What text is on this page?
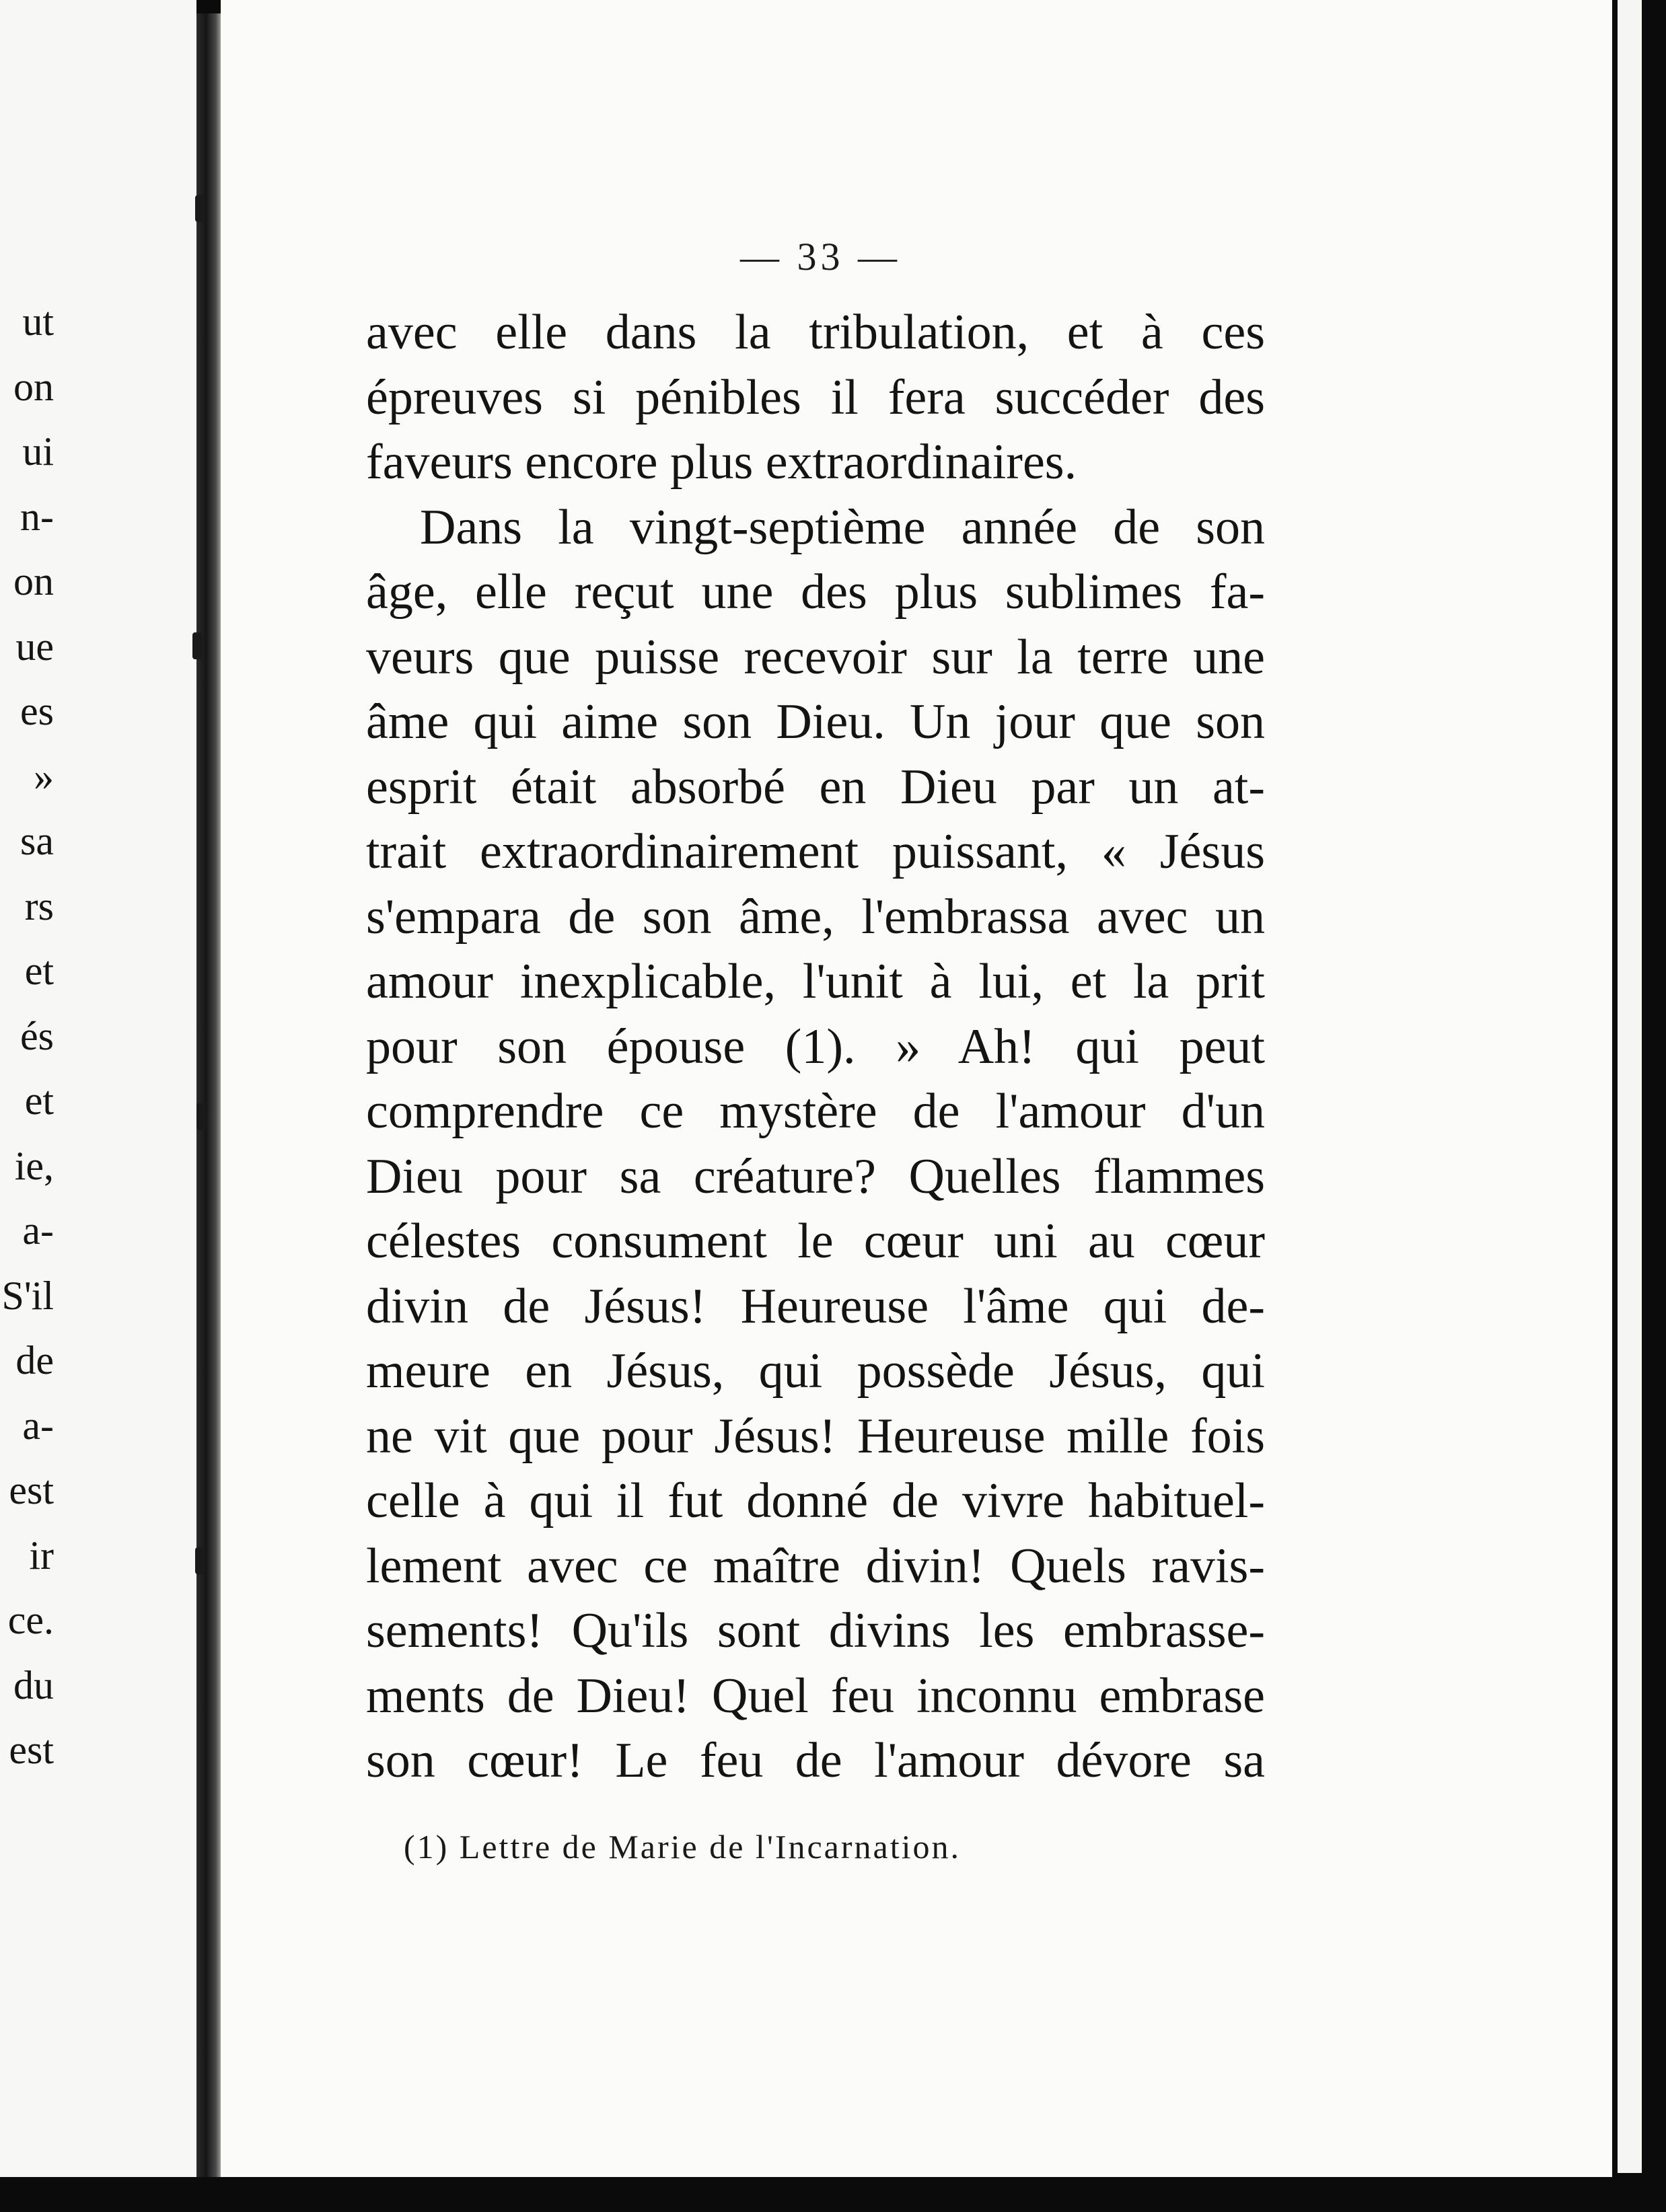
ut
on
ui
n-
on
ue
es
»
sa
rs
et
és
et
ie,
a-
S'il
de
a-
est
ir
ce.
du
est
— 33 —
avec elle dans la tribulation, et à ces
épreuves si pénibles il fera succéder des
faveurs encore plus extraordinaires.
Dans la vingt-septième année de son
âge, elle reçut une des plus sublimes fa-
veurs que puisse recevoir sur la terre une
âme qui aime son Dieu. Un jour que son
esprit était absorbé en Dieu par un at-
trait extraordinairement puissant, « Jésus
s'empara de son âme, l'embrassa avec un
amour inexplicable, l'unit à lui, et la prit
pour son épouse (1). » Ah! qui peut
comprendre ce mystère de l'amour d'un
Dieu pour sa créature? Quelles flammes
célestes consument le cœur uni au cœur
divin de Jésus! Heureuse l'âme qui de-
meure en Jésus, qui possède Jésus, qui
ne vit que pour Jésus! Heureuse mille fois
celle à qui il fut donné de vivre habituel-
lement avec ce maître divin! Quels ravis-
sements! Qu'ils sont divins les embrasse-
ments de Dieu! Quel feu inconnu embrase
son cœur! Le feu de l'amour dévore sa
(1) Lettre de Marie de l'Incarnation.
